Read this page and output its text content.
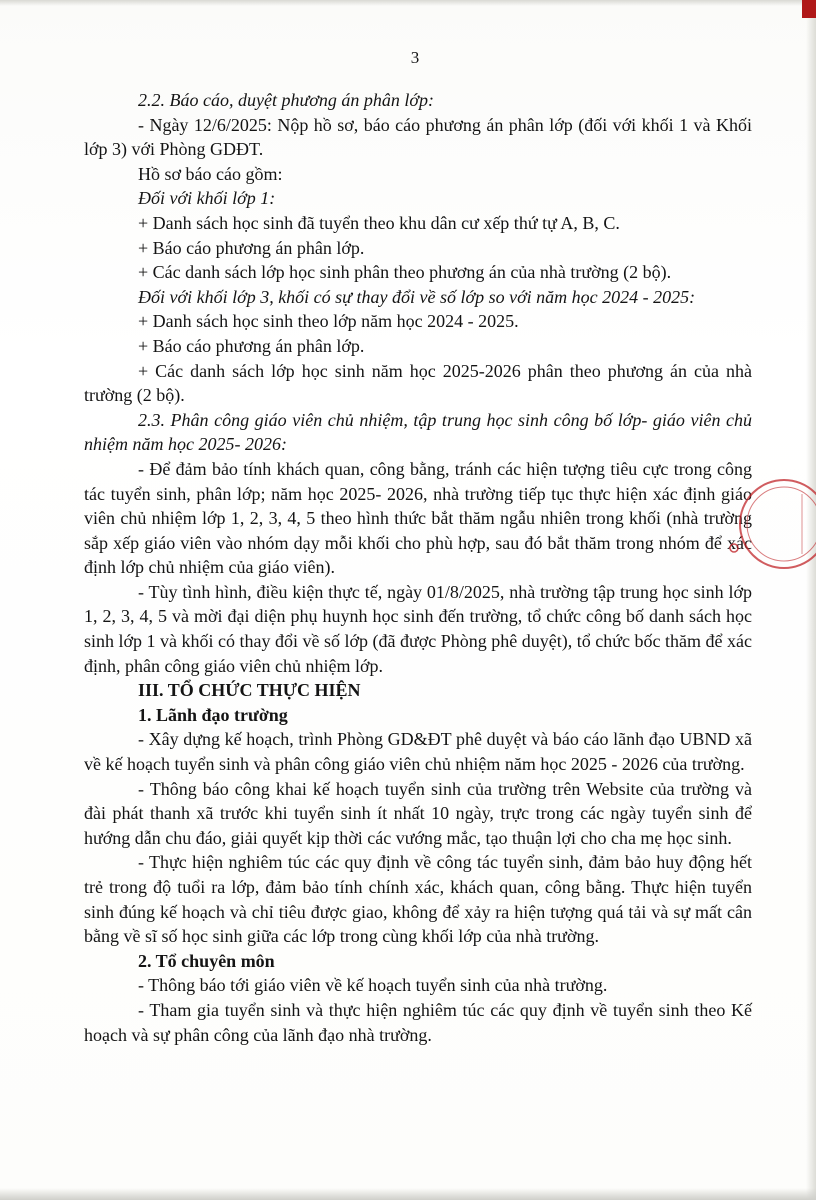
3

2.2. Báo cáo, duyệt phương án phân lớp:

- Ngày 12/6/2025: Nộp hồ sơ, báo cáo phương án phân lớp (đối với khối 1 và Khối lớp 3) với Phòng GDĐT.

Hồ sơ báo cáo gồm:

Đối với khối lớp 1:

+ Danh sách học sinh đã tuyển theo khu dân cư xếp thứ tự A, B, C.

+ Báo cáo phương án phân lớp.

+ Các danh sách lớp học sinh phân theo phương án của nhà trường (2 bộ).

Đối với khối lớp 3, khối có sự thay đổi về số lớp so với năm học 2024 - 2025:

+ Danh sách học sinh theo lớp năm học 2024 - 2025.

+ Báo cáo phương án phân lớp.

+ Các danh sách lớp học sinh năm học 2025-2026 phân theo phương án của nhà trường (2 bộ).

2.3. Phân công giáo viên chủ nhiệm, tập trung học sinh công bố lớp- giáo viên chủ nhiệm năm học 2025- 2026:

- Để đảm bảo tính khách quan, công bằng, tránh các hiện tượng tiêu cực trong công tác tuyển sinh, phân lớp; năm học 2025- 2026, nhà trường tiếp tục thực hiện xác định giáo viên chủ nhiệm lớp 1, 2, 3, 4, 5 theo hình thức bắt thăm ngẫu nhiên trong khối (nhà trường sắp xếp giáo viên vào nhóm dạy mỗi khối cho phù hợp, sau đó bắt thăm trong nhóm để xác định lớp chủ nhiệm của giáo viên).

- Tùy tình hình, điều kiện thực tế, ngày 01/8/2025, nhà trường tập trung học sinh lớp 1, 2, 3, 4, 5 và mời đại diện phụ huynh học sinh đến trường, tổ chức công bố danh sách học sinh lớp 1 và khối có thay đổi về số lớp (đã được Phòng phê duyệt), tổ chức bốc thăm để xác định, phân công giáo viên chủ nhiệm lớp.

III. TỔ CHỨC THỰC HIỆN

1. Lãnh đạo trường

- Xây dựng kế hoạch, trình Phòng GD&ĐT phê duyệt và báo cáo lãnh đạo UBND xã về kế hoạch tuyển sinh và phân công giáo viên chủ nhiệm năm học 2025 - 2026 của trường.

- Thông báo công khai kế hoạch tuyển sinh của trường trên Website của trường và đài phát thanh xã trước khi tuyển sinh ít nhất 10 ngày, trực trong các ngày tuyển sinh để hướng dẫn chu đáo, giải quyết kịp thời các vướng mắc, tạo thuận lợi cho cha mẹ học sinh.

- Thực hiện nghiêm túc các quy định về công tác tuyển sinh, đảm bảo huy động hết trẻ trong độ tuổi ra lớp, đảm bảo tính chính xác, khách quan, công bằng. Thực hiện tuyển sinh đúng kế hoạch và chỉ tiêu được giao, không để xảy ra hiện tượng quá tải và sự mất cân bằng về sĩ số học sinh giữa các lớp trong cùng khối lớp của nhà trường.

2. Tổ chuyên môn

- Thông báo tới giáo viên về kế hoạch tuyển sinh của nhà trường.

- Tham gia tuyển sinh và thực hiện nghiêm túc các quy định về tuyển sinh theo Kế hoạch và sự phân công của lãnh đạo nhà trường.
